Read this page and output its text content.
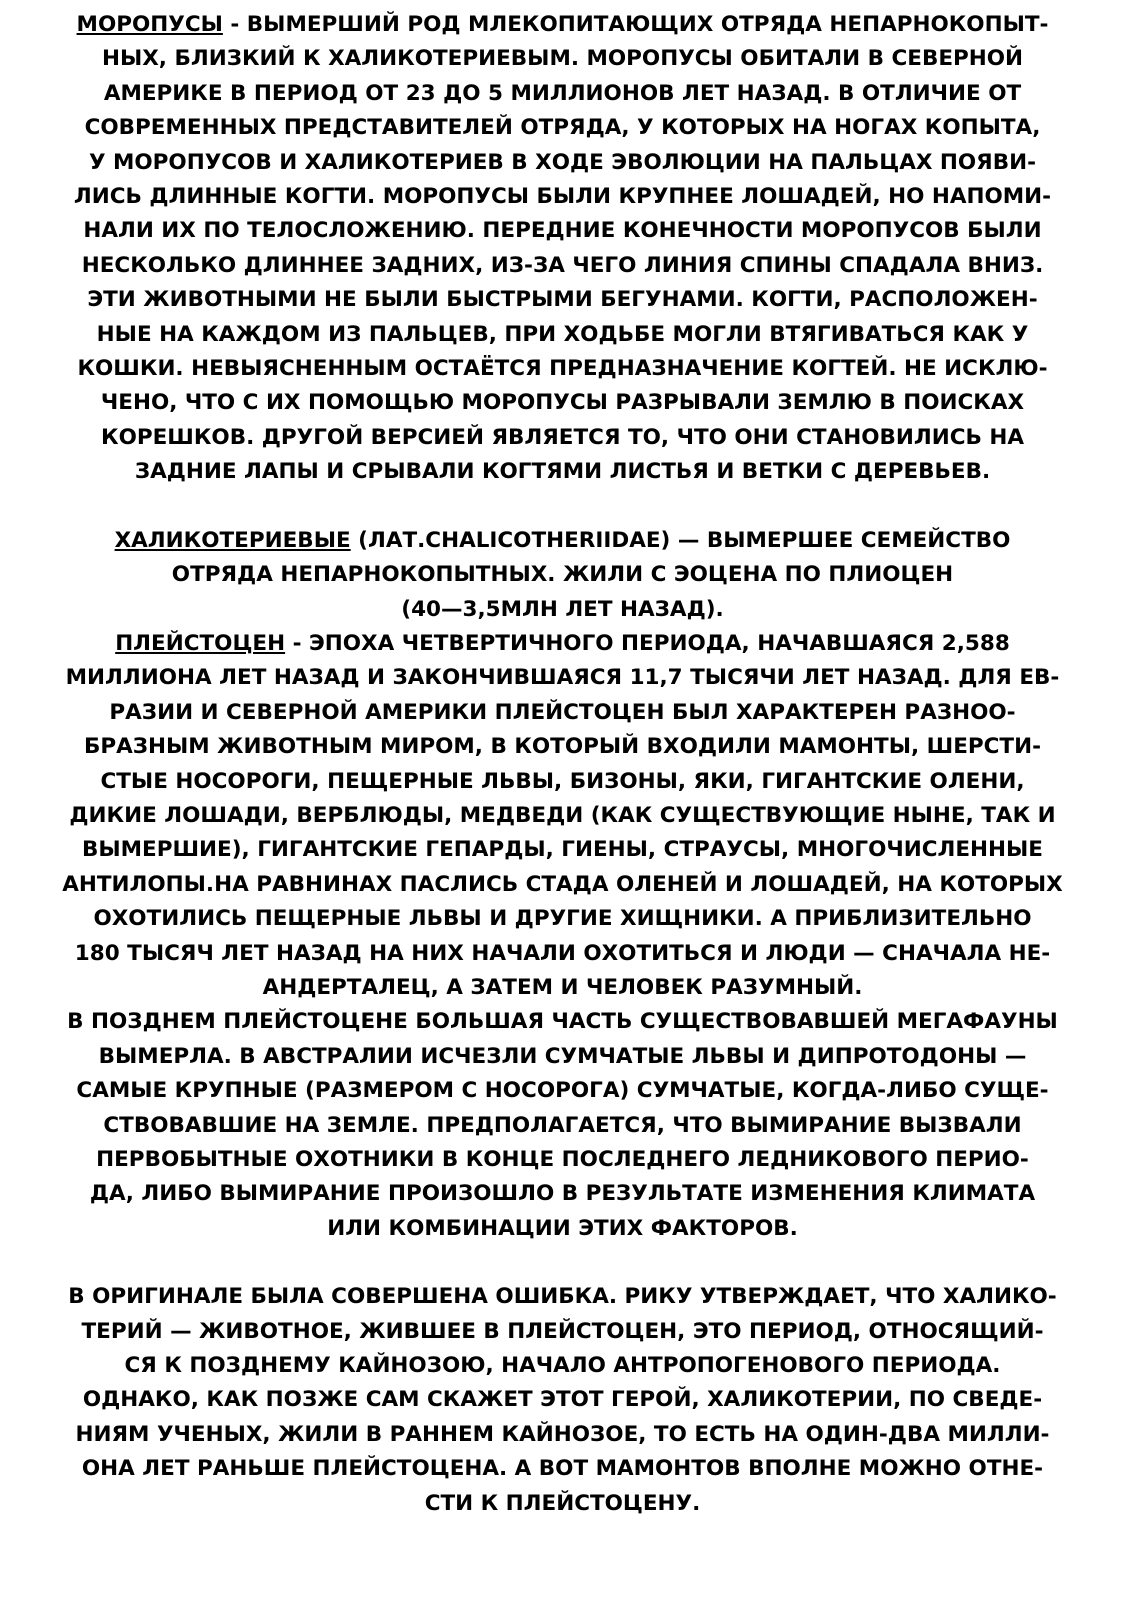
МОРОПУСЫ - ВЫМЕРШИЙ РОД МЛЕКОПИТАЮЩИХ ОТРЯДА НЕПАРНОКОПЫТ-
НЫХ, БЛИЗКИЙ К ХАЛИКОТЕРИЕВЫМ. МОРОПУСЫ ОБИТАЛИ В СЕВЕРНОЙ
АМЕРИКЕ В ПЕРИОД ОТ 23 ДО 5 МИЛЛИОНОВ ЛЕТ НАЗАД. В ОТЛИЧИЕ ОТ
СОВРЕМЕННЫХ ПРЕДСТАВИТЕЛЕЙ ОТРЯДА, У КОТОРЫХ НА НОГАХ КОПЫТА,
У МОРОПУСОВ И ХАЛИКОТЕРИЕВ В ХОДЕ ЭВОЛЮЦИИ НА ПАЛЬЦАХ ПОЯВИ-
ЛИСЬ ДЛИННЫЕ КОГТИ. МОРОПУСЫ БЫЛИ КРУПНЕЕ ЛОШАДЕЙ, НО НАПОМИ-
НАЛИ ИХ ПО ТЕЛОСЛОЖЕНИЮ. ПЕРЕДНИЕ КОНЕЧНОСТИ МОРОПУСОВ БЫЛИ
НЕСКОЛЬКО ДЛИННЕЕ ЗАДНИХ, ИЗ-ЗА ЧЕГО ЛИНИЯ СПИНЫ СПАДАЛА ВНИЗ.
ЭТИ ЖИВОТНЫМИ НЕ БЫЛИ БЫСТРЫМИ БЕГУНАМИ. КОГТИ, РАСПОЛОЖЕН-
НЫЕ НА КАЖДОМ ИЗ ПАЛЬЦЕВ, ПРИ ХОДЬБЕ МОГЛИ ВТЯГИВАТЬСЯ КАК У
КОШКИ. НЕВЫЯСНЕННЫМ ОСТАЁТСЯ ПРЕДНАЗНАЧЕНИЕ КОГТЕЙ. НЕ ИСКЛЮ-
ЧЕНО, ЧТО С ИХ ПОМОЩЬЮ МОРОПУСЫ РАЗРЫВАЛИ ЗЕМЛЮ В ПОИСКАХ
КОРЕШКОВ. ДРУГОЙ ВЕРСИЕЙ ЯВЛЯЕТСЯ ТО, ЧТО ОНИ СТАНОВИЛИСЬ НА
ЗАДНИЕ ЛАПЫ И СРЫВАЛИ КОГТЯМИ ЛИСТЬЯ И ВЕТКИ С ДЕРЕВЬЕВ.
ХАЛИКОТЕРИЕВЫЕ (ЛАТ.CHALICOTHERIIDAE) — ВЫМЕРШЕЕ СЕМЕЙСТВО
ОТРЯДА НЕПАРНОКОПЫТНЫХ. ЖИЛИ С ЭОЦЕНА ПО ПЛИОЦЕН
(40—3,5МЛН ЛЕТ НАЗАД).
ПЛЕЙСТОЦЕН - ЭПОХА ЧЕТВЕРТИЧНОГО ПЕРИОДА, НАЧАВШАЯСЯ 2,588
МИЛЛИОНА ЛЕТ НАЗАД И ЗАКОНЧИВШАЯСЯ 11,7 ТЫСЯЧИ ЛЕТ НАЗАД. ДЛЯ ЕВ-
РАЗИИ И СЕВЕРНОЙ АМЕРИКИ ПЛЕЙСТОЦЕН БЫЛ ХАРАКТЕРЕН РАЗНОО-
БРАЗНЫМ ЖИВОТНЫМ МИРОМ, В КОТОРЫЙ ВХОДИЛИ МАМОНТЫ, ШЕРСТИ-
СТЫЕ НОСОРОГИ, ПЕЩЕРНЫЕ ЛЬВЫ, БИЗОНЫ, ЯКИ, ГИГАНТСКИЕ ОЛЕНИ,
ДИКИЕ ЛОШАДИ, ВЕРБЛЮДЫ, МЕДВЕДИ (КАК СУЩЕСТВУЮЩИЕ НЫНЕ, ТАК И
ВЫМЕРШИЕ), ГИГАНТСКИЕ ГЕПАРДЫ, ГИЕНЫ, СТРАУСЫ, МНОГОЧИСЛЕННЫЕ
АНТИЛОПЫ.НА РАВНИНАХ ПАСЛИСЬ СТАДА ОЛЕНЕЙ И ЛОШАДЕЙ, НА КОТОРЫХ
ОХОТИЛИСЬ ПЕЩЕРНЫЕ ЛЬВЫ И ДРУГИЕ ХИЩНИКИ. А ПРИБЛИЗИТЕЛЬНО
180 ТЫСЯЧ ЛЕТ НАЗАД НА НИХ НАЧАЛИ ОХОТИТЬСЯ И ЛЮДИ — СНАЧАЛА НЕ-
АНДЕРТАЛЕЦ, А ЗАТЕМ И ЧЕЛОВЕК РАЗУМНЫЙ.
В ПОЗДНЕМ ПЛЕЙСТОЦЕНЕ БОЛЬШАЯ ЧАСТЬ СУЩЕСТВОВАВШЕЙ МЕГАФАУНЫ
ВЫМЕРЛА. В АВСТРАЛИИ ИСЧЕЗЛИ СУМЧАТЫЕ ЛЬВЫ И ДИПРОТОДОНЫ —
САМЫЕ КРУПНЫЕ (РАЗМЕРОМ С НОСОРОГА) СУМЧАТЫЕ, КОГДА-ЛИБО СУЩЕ-
СТВОВАВШИЕ НА ЗЕМЛЕ. ПРЕДПОЛАГАЕТСЯ, ЧТО ВЫМИРАНИЕ ВЫЗВАЛИ
ПЕРВОБЫТНЫЕ ОХОТНИКИ В КОНЦЕ ПОСЛЕДНЕГО ЛЕДНИКОВОГО ПЕРИО-
ДА, ЛИБО ВЫМИРАНИЕ ПРОИЗОШЛО В РЕЗУЛЬТАТЕ ИЗМЕНЕНИЯ КЛИМАТА
ИЛИ КОМБИНАЦИИ ЭТИХ ФАКТОРОВ.
В ОРИГИНАЛЕ БЫЛА СОВЕРШЕНА ОШИБКА. РИКУ УТВЕРЖДАЕТ, ЧТО ХАЛИКО-
ТЕРИЙ — ЖИВОТНОЕ, ЖИВШЕЕ В ПЛЕЙСТОЦЕН, ЭТО ПЕРИОД, ОТНОСЯЩИЙ-
СЯ К ПОЗДНЕМУ КАЙНОЗОЮ, НАЧАЛО АНТРОПОГЕНОВОГО ПЕРИОДА.
ОДНАКО, КАК ПОЗЖЕ САМ СКАЖЕТ ЭТОТ ГЕРОЙ, ХАЛИКОТЕРИИ, ПО СВЕДЕ-
НИЯМ УЧЕНЫХ, ЖИЛИ В РАННЕМ КАЙНОЗОЕ, ТО ЕСТЬ НА ОДИН-ДВА МИЛЛИ-
ОНА ЛЕТ РАНЬШЕ ПЛЕЙСТОЦЕНА. А ВОТ МАМОНТОВ ВПОЛНЕ МОЖНО ОТНЕ-
СТИ К ПЛЕЙСТОЦЕНУ.
